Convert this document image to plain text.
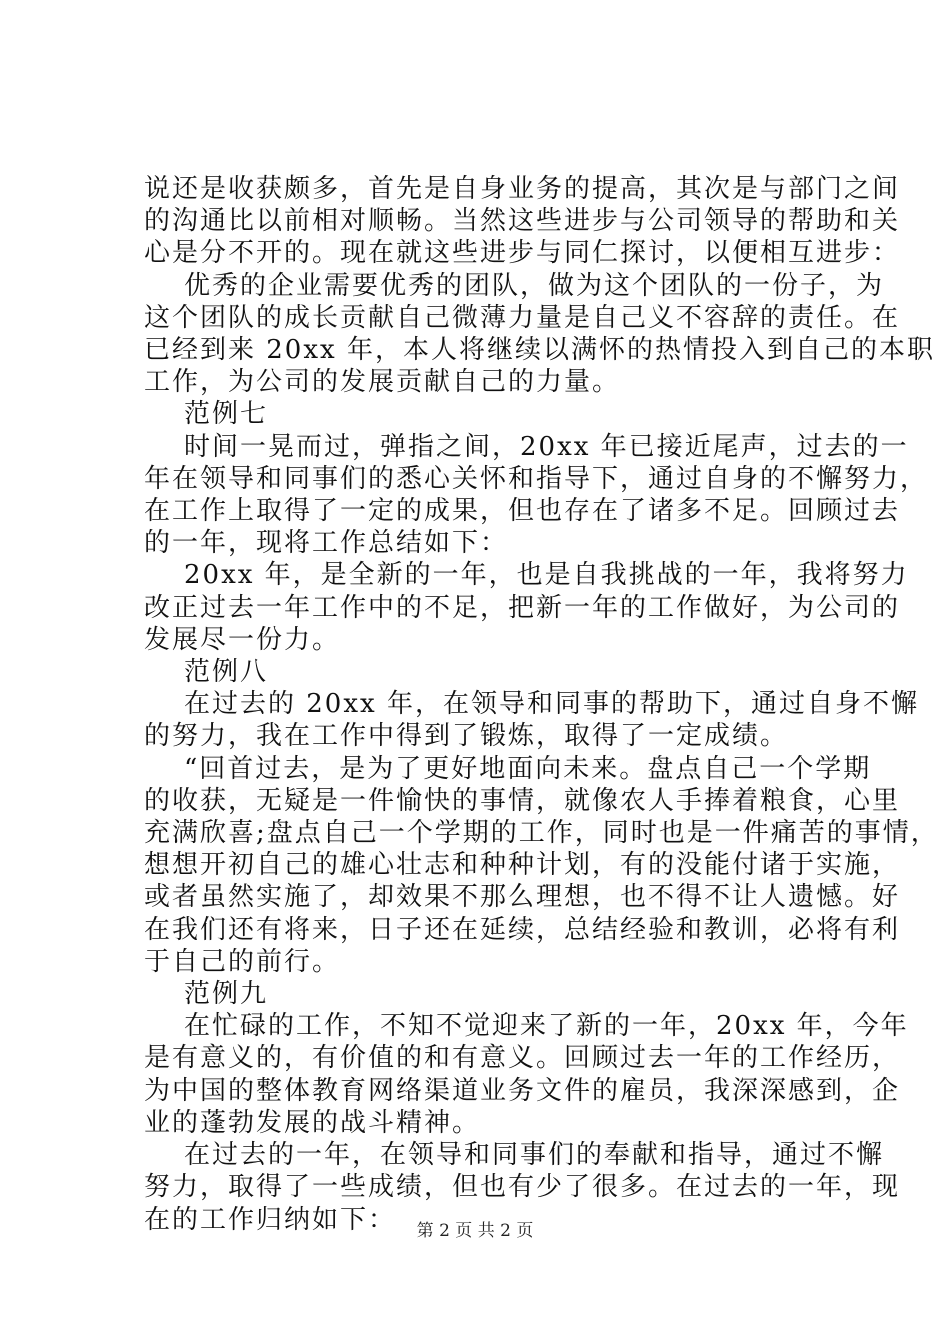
说还是收获颇多，首先是自身业务的提高，其次是与部门之间
的沟通比以前相对顺畅。当然这些进步与公司领导的帮助和关
心是分不开的。现在就这些进步与同仁探讨，以便相互进步：
优秀的企业需要优秀的团队，做为这个团队的一份子，为
这个团队的成长贡献自己微薄力量是自己义不容辞的责任。在
已经到来 20xx 年，本人将继续以满怀的热情投入到自己的本职
工作，为公司的发展贡献自己的力量。
范例七
时间一晃而过，弹指之间，20xx 年已接近尾声，过去的一
年在领导和同事们的悉心关怀和指导下，通过自身的不懈努力，
在工作上取得了一定的成果，但也存在了诸多不足。回顾过去
的一年，现将工作总结如下：
20xx 年，是全新的一年，也是自我挑战的一年，我将努力
改正过去一年工作中的不足，把新一年的工作做好，为公司的
发展尽一份力。
范例八
在过去的 20xx 年，在领导和同事的帮助下，通过自身不懈
的努力，我在工作中得到了锻炼，取得了一定成绩。
“回首过去，是为了更好地面向未来。盘点自己一个学期
的收获，无疑是一件愉快的事情，就像农人手捧着粮食，心里
充满欣喜;盘点自己一个学期的工作，同时也是一件痛苦的事情，
想想开初自己的雄心壮志和种种计划，有的没能付诸于实施，
或者虽然实施了，却效果不那么理想，也不得不让人遗憾。好
在我们还有将来，日子还在延续，总结经验和教训，必将有利
于自己的前行。
范例九
在忙碌的工作，不知不觉迎来了新的一年，20xx 年，今年
是有意义的，有价值的和有意义。回顾过去一年的工作经历，
为中国的整体教育网络渠道业务文件的雇员，我深深感到，企
业的蓬勃发展的战斗精神。
在过去的一年，在领导和同事们的奉献和指导，通过不懈
努力，取得了一些成绩，但也有少了很多。在过去的一年，现
在的工作归纳如下：	第 2 页 共 2 页
